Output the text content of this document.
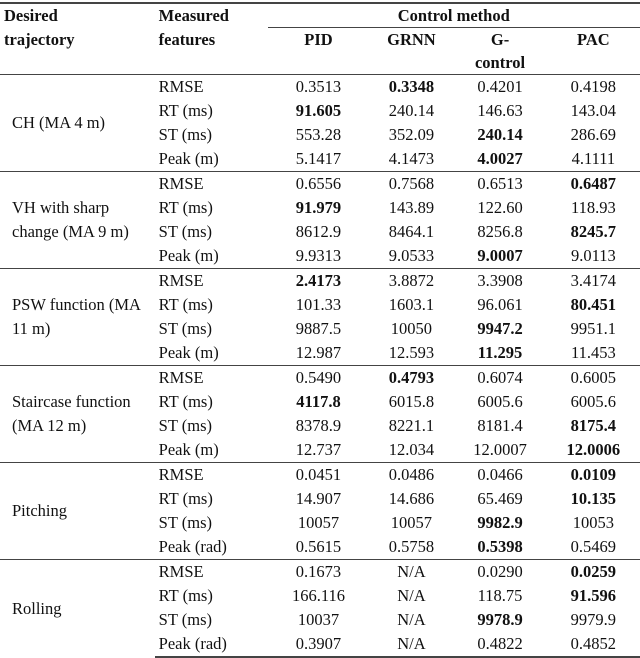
Desired	Measured	Control method			
trajectory	features	PID	GRNN	G-	PAC
				control	
CH (MA 4 m)	RMSE	0.3513	0.3348	0.4201	0.4198
	RT (ms)	91.605	240.14	146.63	143.04
	ST (ms)	553.28	352.09	240.14	286.69
	Peak (m)	5.1417	4.1473	4.0027	4.1111
VH with sharp change (MA 9 m)	RMSE	0.6556	0.7568	0.6513	0.6487
	RT (ms)	91.979	143.89	122.60	118.93
	ST (ms)	8612.9	8464.1	8256.8	8245.7
	Peak (m)	9.9313	9.0533	9.0007	9.0113
PSW function (MA 11 m)	RMSE	2.4173	3.8872	3.3908	3.4174
	RT (ms)	101.33	1603.1	96.061	80.451
	ST (ms)	9887.5	10050	9947.2	9951.1
	Peak (m)	12.987	12.593	11.295	11.453
Staircase function (MA 12 m)	RMSE	0.5490	0.4793	0.6074	0.6005
	RT (ms)	4117.8	6015.8	6005.6	6005.6
	ST (ms)	8378.9	8221.1	8181.4	8175.4
	Peak (m)	12.737	12.034	12.0007	12.0006
Pitching	RMSE	0.0451	0.0486	0.0466	0.0109
	RT (ms)	14.907	14.686	65.469	10.135
	ST (ms)	10057	10057	9982.9	10053
	Peak (rad)	0.5615	0.5758	0.5398	0.5469
Rolling	RMSE	0.1673	N/A	0.0290	0.0259
	RT (ms)	166.116	N/A	118.75	91.596
	ST (ms)	10037	N/A	9978.9	9979.9
	Peak (rad)	0.3907	N/A	0.4822	0.4852
